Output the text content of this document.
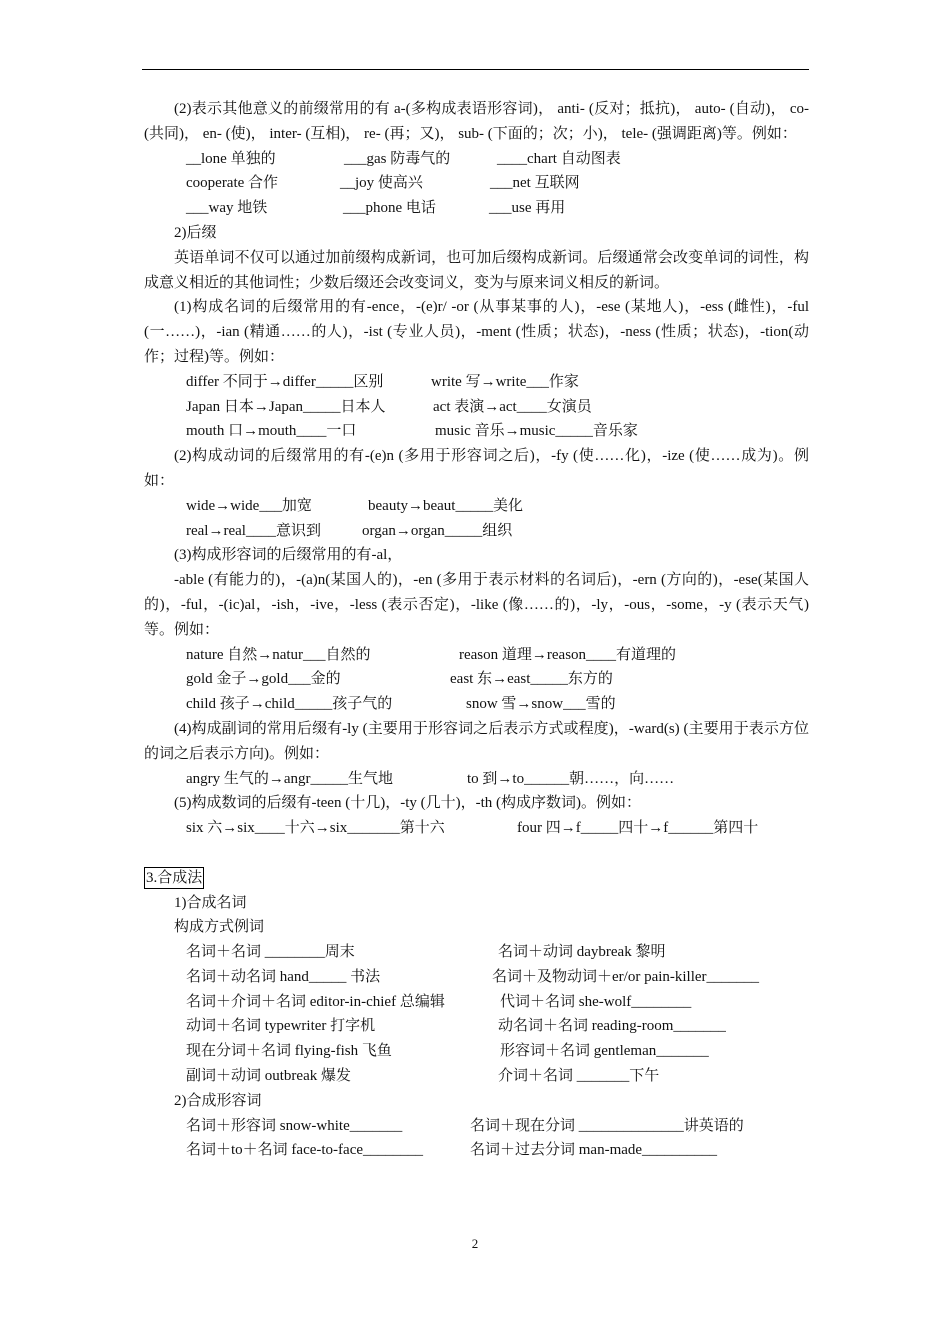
(2)表示其他意义的前缀常用的有 a-(多构成表语形容词)， anti- (反对；抵抗)， auto- (自动)， co- (共同)， en- (使)， inter- (互相)， re- (再；又)， sub- (下面的；次；小)， tele- (强调距离)等。例如：

__lone 单独的	___gas 防毒气的	____chart 自动图表
cooperate 合作	__joy 使高兴	___net 互联网
___way 地铁	___phone 电话	___use 再用

2)后缀

英语单词不仅可以通过加前缀构成新词，也可加后缀构成新词。后缀通常会改变单词的词性，构成意义相近的其他词性；少数后缀还会改变词义，变为与原来词义相反的新词。

(1)构成名词的后缀常用的有-ence，-(e)r/ -or (从事某事的人)，-ese (某地人)，-ess (雌性)，-ful (一……)，-ian (精通……的人)，-ist (专业人员)，-ment (性质；状态)，-ness (性质；状态)，-tion(动作；过程)等。例如：

differ 不同于→differ_____区别	write 写→write___作家
Japan 日本→Japan_____日本人	act 表演→act____女演员
mouth 口→mouth____一口	music 音乐→music_____音乐家

(2)构成动词的后缀常用的有-(e)n (多用于形容词之后)，-fy (使……化)，-ize (使……成为)。例如：

wide→wide___加宽	beauty→beaut_____美化
real→real____意识到	organ→organ_____组织

(3)构成形容词的后缀常用的有-al，

-able (有能力的)，-(a)n(某国人的)，-en (多用于表示材料的名词后)，-ern (方向的)，-ese(某国人的)，-ful，-(ic)al，-ish，-ive，-less (表示否定)，-like (像……的)，-ly，-ous，-some，-y (表示天气)等。例如：

nature 自然→natur___自然的	reason 道理→reason____有道理的
gold 金子→gold___金的	east 东→east_____东方的
child 孩子→child_____孩子气的	snow 雪→snow___雪的

(4)构成副词的常用后缀有-ly (主要用于形容词之后表示方式或程度)，-ward(s) (主要用于表示方位的词之后表示方向)。例如：

angry 生气的→angr_____生气地	to 到→to______朝……，向……

(5)构成数词的后缀有-teen (十几)，-ty (几十)，-th (构成序数词)。例如：

six 六→six____十六→six_______第十六	four 四→f_____四十→f______第四十

3.合成法

1)合成名词

构成方式例词

名词＋名词 ________周末	名词＋动词 daybreak 黎明
名词＋动名词 hand_____ 书法	名词＋及物动词＋er/or pain-killer_______
名词＋介词＋名词 editor-in-chief 总编辑	代词＋名词 she-wolf________
动词＋名词 typewriter 打字机	动名词＋名词 reading-room_______
现在分词＋名词 flying-fish 飞鱼	形容词＋名词 gentleman_______
副词＋动词 outbreak 爆发	介词＋名词 _______下午

2)合成形容词

名词＋形容词 snow-white_______	名词＋现在分词 ______________讲英语的
名词＋to＋名词 face-to-face________	名词＋过去分词 man-made__________
2
